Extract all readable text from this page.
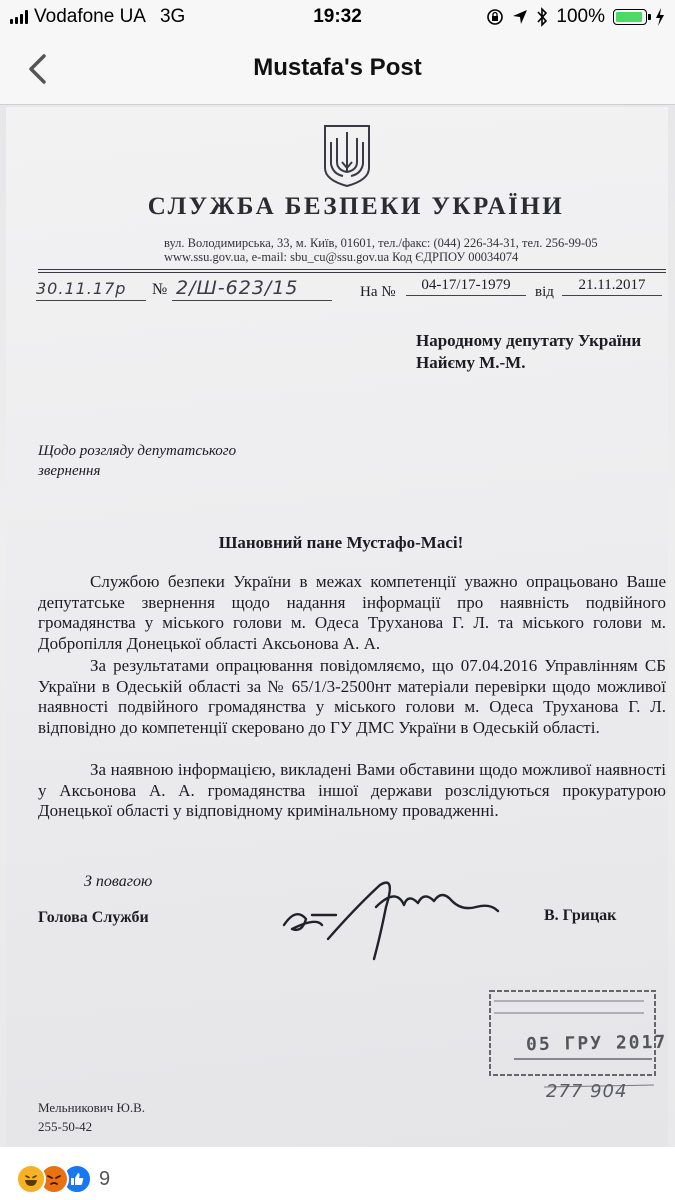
Vodafone UA 3G	19:32	100%
Mustafa's Post
СЛУЖБА БЕЗПЕКИ УКРАЇНИ
вул. Володимирська, 33, м. Київ, 01601, тел./факс: (044) 226-34-31, тел. 256-99-05
www.ssu.gov.ua, e-mail: sbu_cu@ssu.gov.ua Код ЄДРПОУ 00034074
30.11.17р № 2/Ш-623/15	На №	04-17/17-1979	від	21.11.2017
Народному депутату України
Найєму М.-М.
Щодо розгляду депутатського
звернення
Шановний пане Мустафо-Масі!

Службою безпеки України в межах компетенції уважно опрацьовано Ваше депутатське звернення щодо надання інформації про наявність подвійного громадянства у міського голови м. Одеса Труханова Г. Л. та міського голови м. Добропілля Донецької області Аксьонова А. А.

За результатами опрацювання повідомляємо, що 07.04.2016 Управлінням СБ України в Одеській області за № 65/1/3-2500нт матеріали перевірки щодо можливої наявності подвійного громадянства у міського голови м. Одеса Труханова Г. Л. відповідно до компетенції скеровано до ГУ ДМС України в Одеській області.

За наявною інформацією, викладені Вами обставини щодо можливої наявності у Аксьонова А. А. громадянства іншої держави розслідуються прокуратурою Донецької області у відповідному кримінальному провадженні.

З повагою
Голова Служби	В. Грицак
05 ГРУ 2017
277 904
Мельникович Ю.В.
255-50-42
9
